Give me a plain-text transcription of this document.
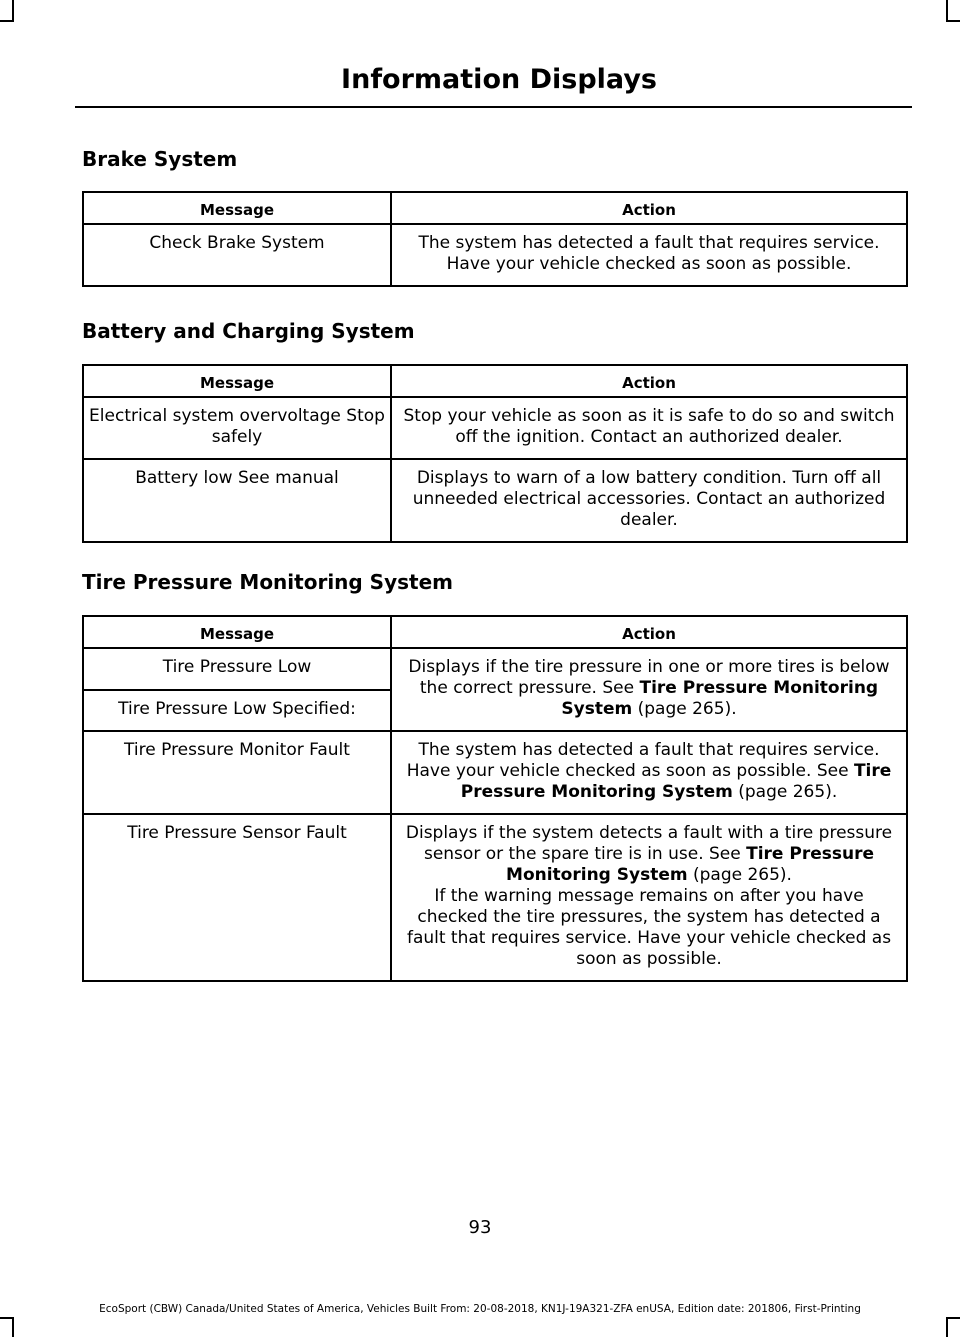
Information Displays
Brake System
Message	Action
Check Brake System	The system has detected a fault that requires service. Have your vehicle checked as soon as possible.
Battery and Charging System
Message	Action
Electrical system overvoltage Stop safely	Stop your vehicle as soon as it is safe to do so and switch off the ignition. Contact an authorized dealer.
Battery low See manual	Displays to warn of a low battery condition. Turn off all unneeded electrical accessories. Contact an authorized dealer.
Tire Pressure Monitoring System
Message	Action
Tire Pressure Low	Displays if the tire pressure in one or more tires is below the correct pressure. See Tire Pressure Monitoring System (page 265).
Tire Pressure Low Specified:	
Tire Pressure Monitor Fault	The system has detected a fault that requires service. Have your vehicle checked as soon as possible. See Tire Pressure Monitoring System (page 265).
Tire Pressure Sensor Fault	Displays if the system detects a fault with a tire pressure sensor or the spare tire is in use. See Tire Pressure Monitoring System (page 265).
If the warning message remains on after you have checked the tire pressures, the system has detected a fault that requires service. Have your vehicle checked as soon as possible.
93
EcoSport (CBW) Canada/United States of America, Vehicles Built From: 20-08-2018, KN1J-19A321-ZFA enUSA, Edition date: 201806, First-Printing
